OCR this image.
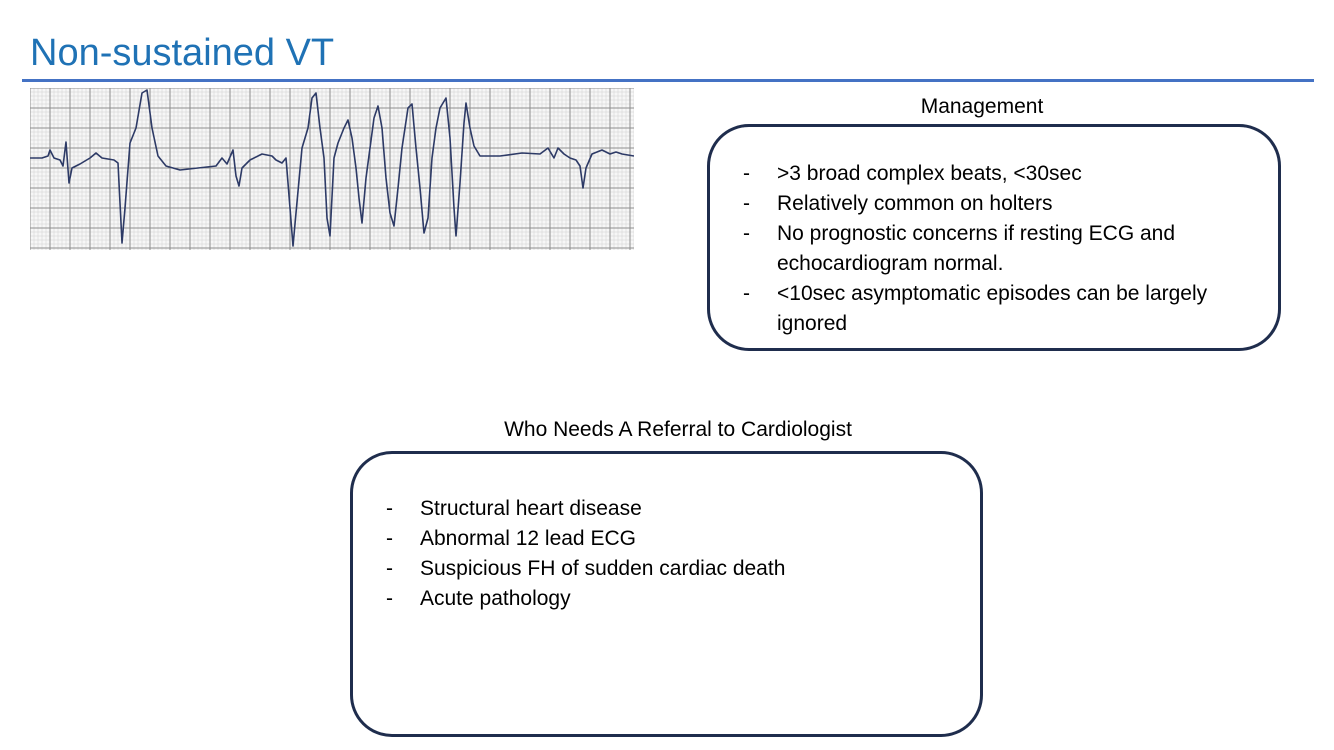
Non-sustained VT
Management
-	>3 broad complex beats, <30sec
-	Relatively common on holters
-	No prognostic concerns if resting ECG and echocardiogram normal.
-	<10sec asymptomatic episodes can be largely ignored
Who Needs A Referral to Cardiologist
-	Structural heart disease
-	Abnormal 12 lead ECG
-	Suspicious FH of sudden cardiac death
-	Acute pathology
